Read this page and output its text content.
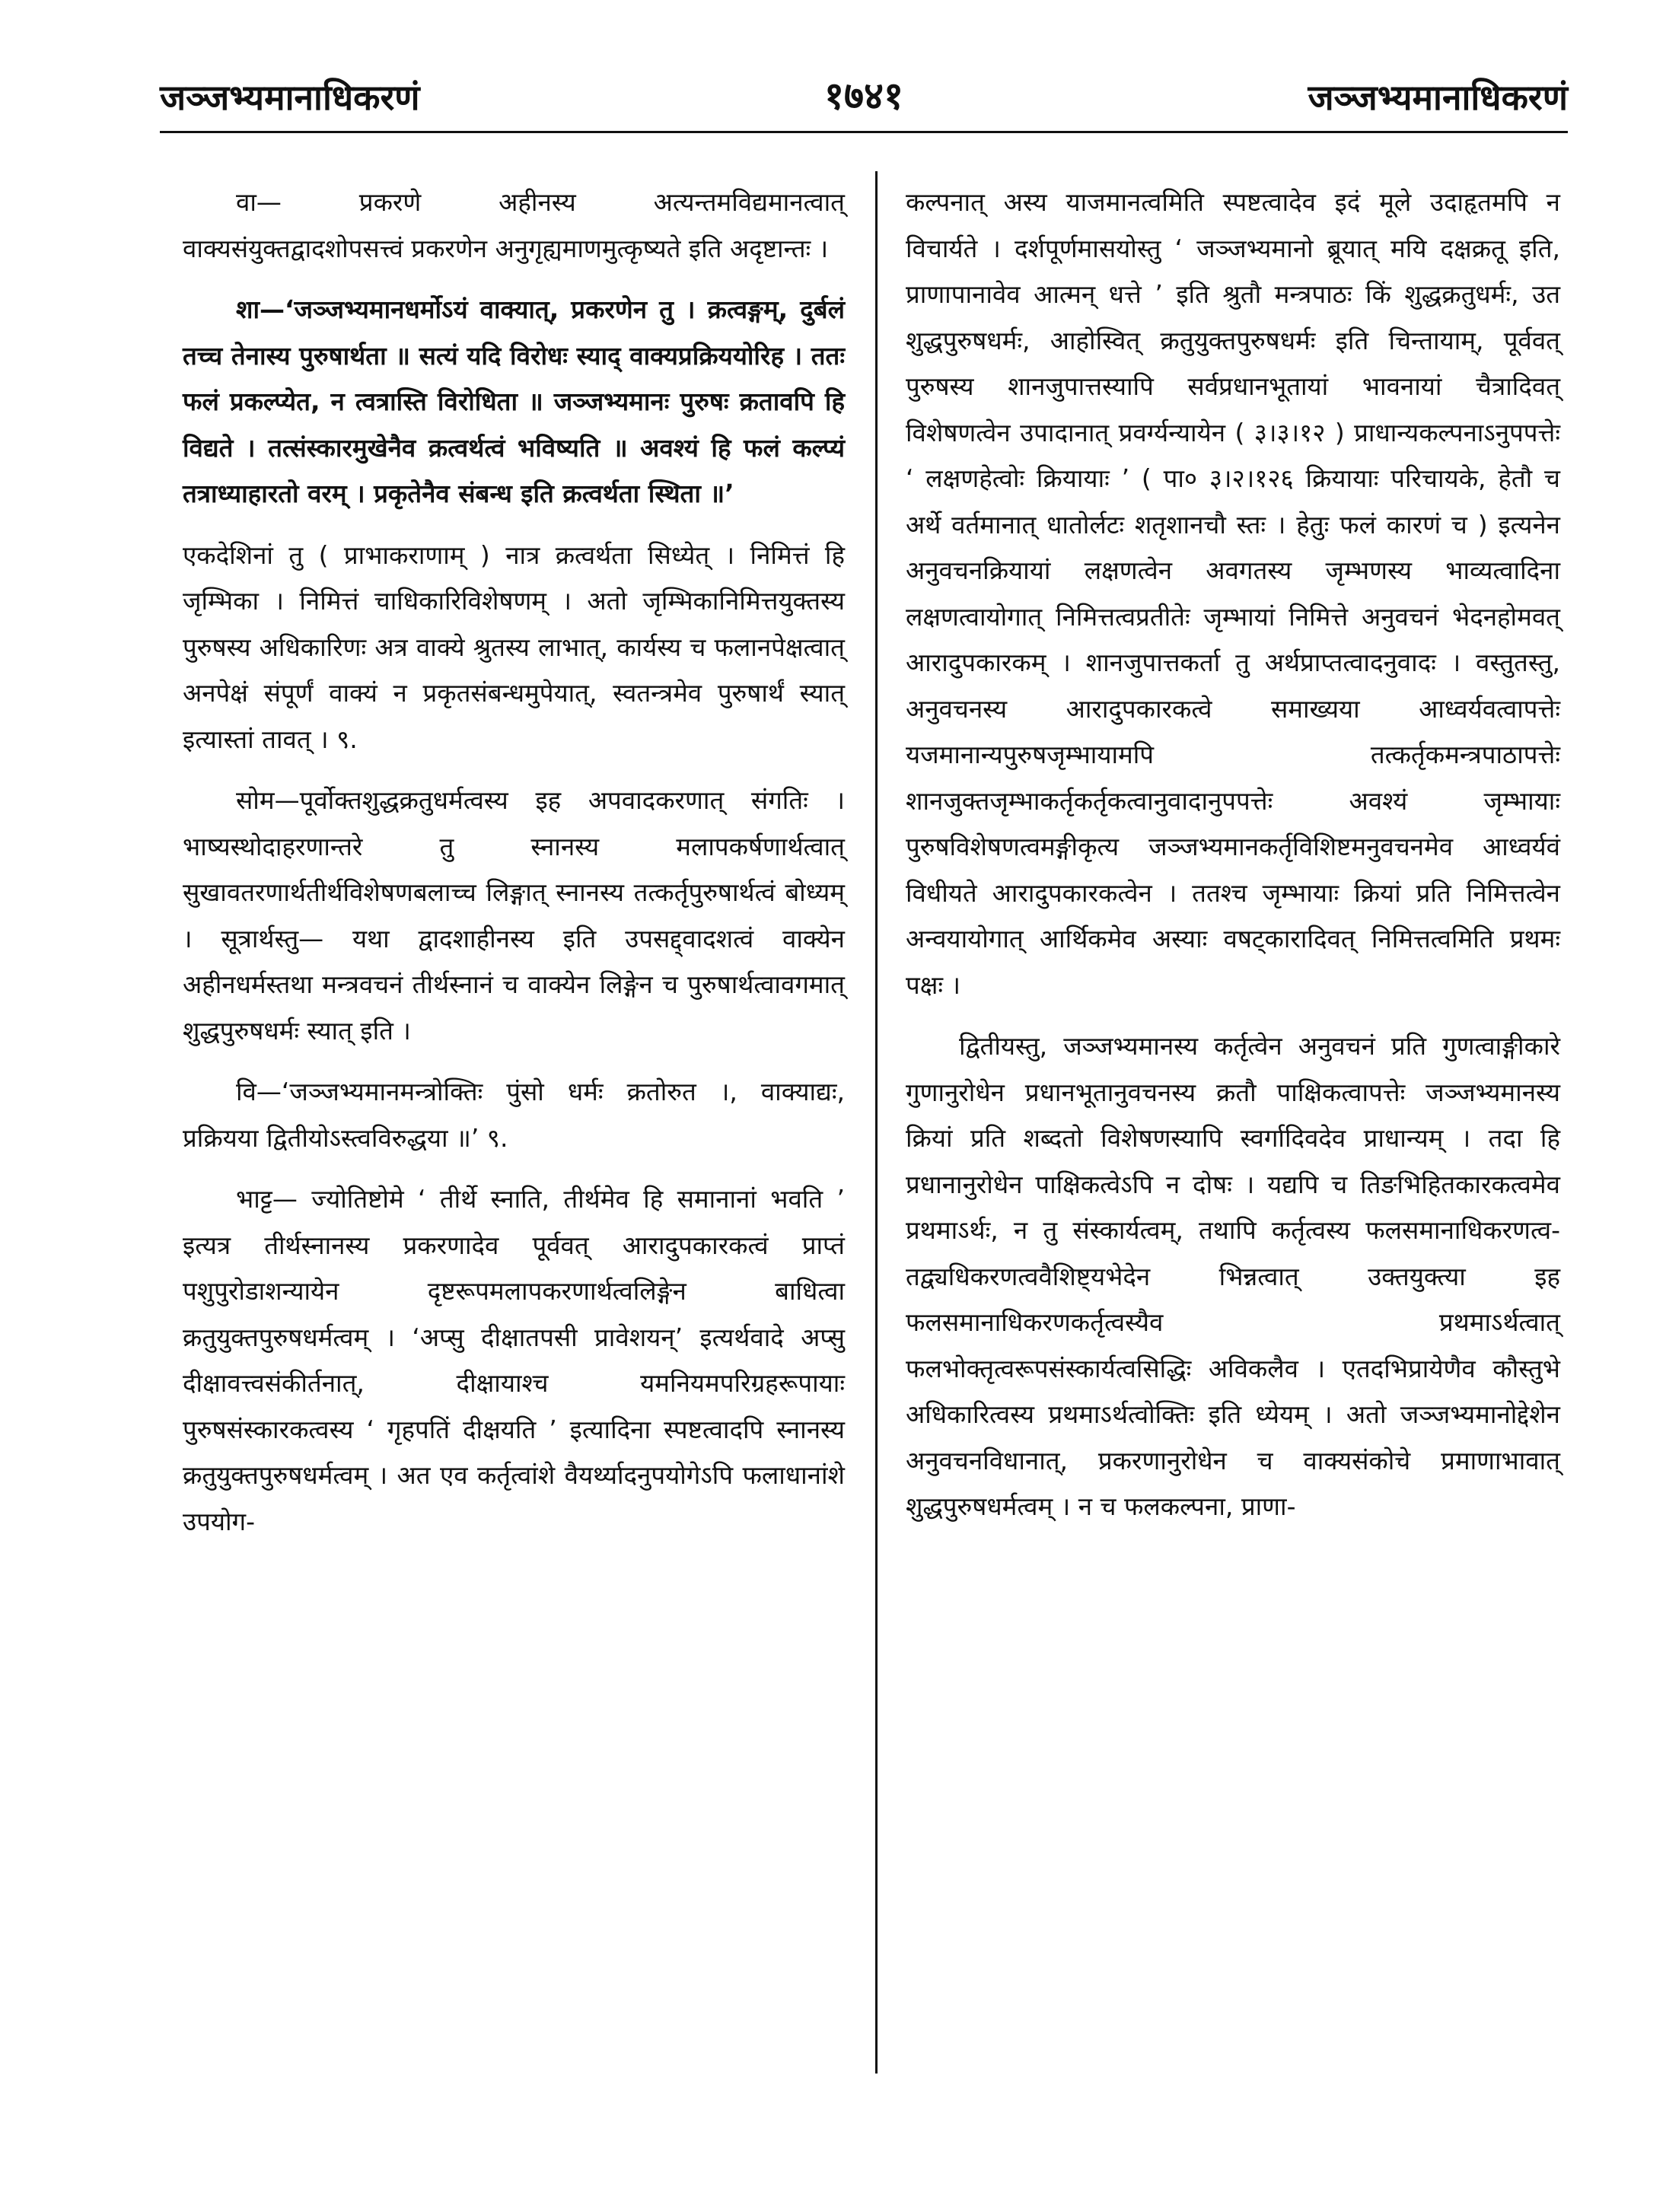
जञ्जभ्यमानाधिकरणं	१७४१	जञ्जभ्यमानाधिकरणं

वा— प्रकरणे अहीनस्य अत्यन्तमविद्यमानत्वात् वाक्यसंयुक्तद्वादशोपसत्त्वं प्रकरणेन अनुगृह्यमाणमुत्कृष्यते इति अदृष्टान्तः ।

शा—‘जञ्जभ्यमानधर्मोऽयं वाक्यात्, प्रकरणेन तु । क्रत्वङ्गम्, दुर्बलं तच्च तेनास्य पुरुषार्थता ॥ सत्यं यदि विरोधः स्याद् वाक्यप्रक्रिययोरिह । ततः फलं प्रकल्प्येत, न त्वत्रास्ति विरोधिता ॥ जञ्जभ्यमानः पुरुषः क्रतावपि हि विद्यते । तत्संस्कारमुखेनैव क्रत्वर्थत्वं भविष्यति ॥ अवश्यं हि फलं कल्प्यं तत्राध्याहारतो वरम् । प्रकृतेनैव संबन्ध इति क्रत्वर्थता स्थिता ॥’

एकदेशिनां तु ( प्राभाकराणाम् ) नात्र क्रत्वर्थता सिध्येत् । निमित्तं हि जृम्भिका । निमित्तं चाधिकारिविशेषणम् । अतो जृम्भिकानिमित्तयुक्तस्य पुरुषस्य अधिकारिणः अत्र वाक्ये श्रुतस्य लाभात्, कार्यस्य च फलानपेक्षत्वात् अनपेक्षं संपूर्णं वाक्यं न प्रकृतसंबन्धमुपेयात्, स्वतन्त्रमेव पुरुषार्थं स्यात् इत्यास्तां तावत् । ९.

सोम—पूर्वोक्तशुद्धक्रतुधर्मत्वस्य इह अपवादकरणात् संगतिः । भाष्यस्थोदाहरणान्तरे तु स्नानस्य मलापकर्षणार्थत्वात् सुखावतरणार्थतीर्थविशेषणबलाच्च लिङ्गात् स्नानस्य तत्कर्तृपुरुषार्थत्वं बोध्यम् । सूत्रार्थस्तु— यथा द्वादशाहीनस्य इति उपसद्द्वादशत्वं वाक्येन अहीनधर्मस्तथा मन्त्रवचनं तीर्थस्नानं च वाक्येन लिङ्गेन च पुरुषार्थत्वावगमात् शुद्धपुरुषधर्मः स्यात् इति ।

वि—‘जञ्जभ्यमानमन्त्रोक्तिः पुंसो धर्मः क्रतोरुत ।, वाक्याद्यः, प्रक्रियया द्वितीयोऽस्त्वविरुद्धया ॥’ ९.

भाट्ट— ज्योतिष्टोमे ‘ तीर्थे स्नाति, तीर्थमेव हि समानानां भवति ’ इत्यत्र तीर्थस्नानस्य प्रकरणादेव पूर्ववत् आरादुपकारकत्वं प्राप्तं पशुपुरोडाशन्यायेन दृष्टरूपमलापकरणार्थत्वलिङ्गेन बाधित्वा क्रतुयुक्तपुरुषधर्मत्वम् । ‘अप्सु दीक्षातपसी प्रावेशयन्’ इत्यर्थवादे अप्सु दीक्षावत्त्वसंकीर्तनात्, दीक्षायाश्च यमनियमपरिग्रहरूपायाः पुरुषसंस्कारकत्वस्य ‘ गृहपतिं दीक्षयति ’ इत्यादिना स्पष्टत्वादपि स्नानस्य क्रतुयुक्तपुरुषधर्मत्वम् । अत एव कर्तृत्वांशे वैयर्थ्यादनुपयोगेऽपि फलाधानांशे उपयोग-

कल्पनात् अस्य याजमानत्वमिति स्पष्टत्वादेव इदं मूले उदाहृतमपि न विचार्यते । दर्शपूर्णमासयोस्तु ‘ जञ्जभ्यमानो ब्रूयात् मयि दक्षक्रतू इति, प्राणापानावेव आत्मन् धत्ते ’ इति श्रुतौ मन्त्रपाठः किं शुद्धक्रतुधर्मः, उत शुद्धपुरुषधर्मः, आहोस्वित् क्रतुयुक्तपुरुषधर्मः इति चिन्तायाम्, पूर्ववत् पुरुषस्य शानजुपात्तस्यापि सर्वप्रधानभूतायां भावनायां चैत्रादिवत् विशेषणत्वेन उपादानात् प्रवर्ग्यन्यायेन ( ३।३।१२ ) प्राधान्यकल्पनाऽनुपपत्तेः ‘ लक्षणहेत्वोः क्रियायाः ’ ( पा० ३।२।१२६ क्रियायाः परिचायके, हेतौ च अर्थे वर्तमानात् धातोर्लटः शतृशानचौ स्तः । हेतुः फलं कारणं च ) इत्यनेन अनुवचनक्रियायां लक्षणत्वेन अवगतस्य जृम्भणस्य भाव्यत्वादिना लक्षणत्वायोगात् निमित्तत्वप्रतीतेः जृम्भायां निमित्ते अनुवचनं भेदनहोमवत् आरादुपकारकम् । शानजुपात्तकर्ता तु अर्थप्राप्तत्वादनुवादः । वस्तुतस्तु, अनुवचनस्य आरादुपकारकत्वे समाख्यया आध्वर्यवत्वापत्तेः यजमानान्यपुरुषजृम्भायामपि तत्कर्तृकमन्त्रपाठापत्तेः शानजुक्तजृम्भाकर्तृकर्तृकत्वानुवादानुपपत्तेः अवश्यं जृम्भायाः पुरुषविशेषणत्वमङ्गीकृत्य जञ्जभ्यमानकर्तृविशिष्टमनुवचनमेव आध्वर्यवं विधीयते आरादुपकारकत्वेन । ततश्च जृम्भायाः क्रियां प्रति निमित्तत्वेन अन्वयायोगात् आर्थिकमेव अस्याः वषट्कारादिवत् निमित्तत्वमिति प्रथमः पक्षः ।

द्वितीयस्तु, जञ्जभ्यमानस्य कर्तृत्वेन अनुवचनं प्रति गुणत्वाङ्गीकारे गुणानुरोधेन प्रधानभूतानुवचनस्य क्रतौ पाक्षिकत्वापत्तेः जञ्जभ्यमानस्य क्रियां प्रति शब्दतो विशेषणस्यापि स्वर्गादिवदेव प्राधान्यम् । तदा हि प्रधानानुरोधेन पाक्षिकत्वेऽपि न दोषः । यद्यपि च तिङभिहितकारकत्वमेव प्रथमाऽर्थः, न तु संस्कार्यत्वम्, तथापि कर्तृत्वस्य फलसमानाधिकरणत्व- तद्व्यधिकरणत्ववैशिष्ट्यभेदेन भिन्नत्वात् उक्तयुक्त्या इह फलसमानाधिकरणकर्तृत्वस्यैव प्रथमाऽर्थत्वात् फलभोक्तृत्वरूपसंस्कार्यत्वसिद्धिः अविकलैव । एतदभिप्रायेणैव कौस्तुभे अधिकारित्वस्य प्रथमाऽर्थत्वोक्तिः इति ध्येयम् । अतो जञ्जभ्यमानोद्देशेन अनुवचनविधानात्, प्रकरणानुरोधेन च वाक्यसंकोचे प्रमाणाभावात् शुद्धपुरुषधर्मत्वम् । न च फलकल्पना, प्राणा-
